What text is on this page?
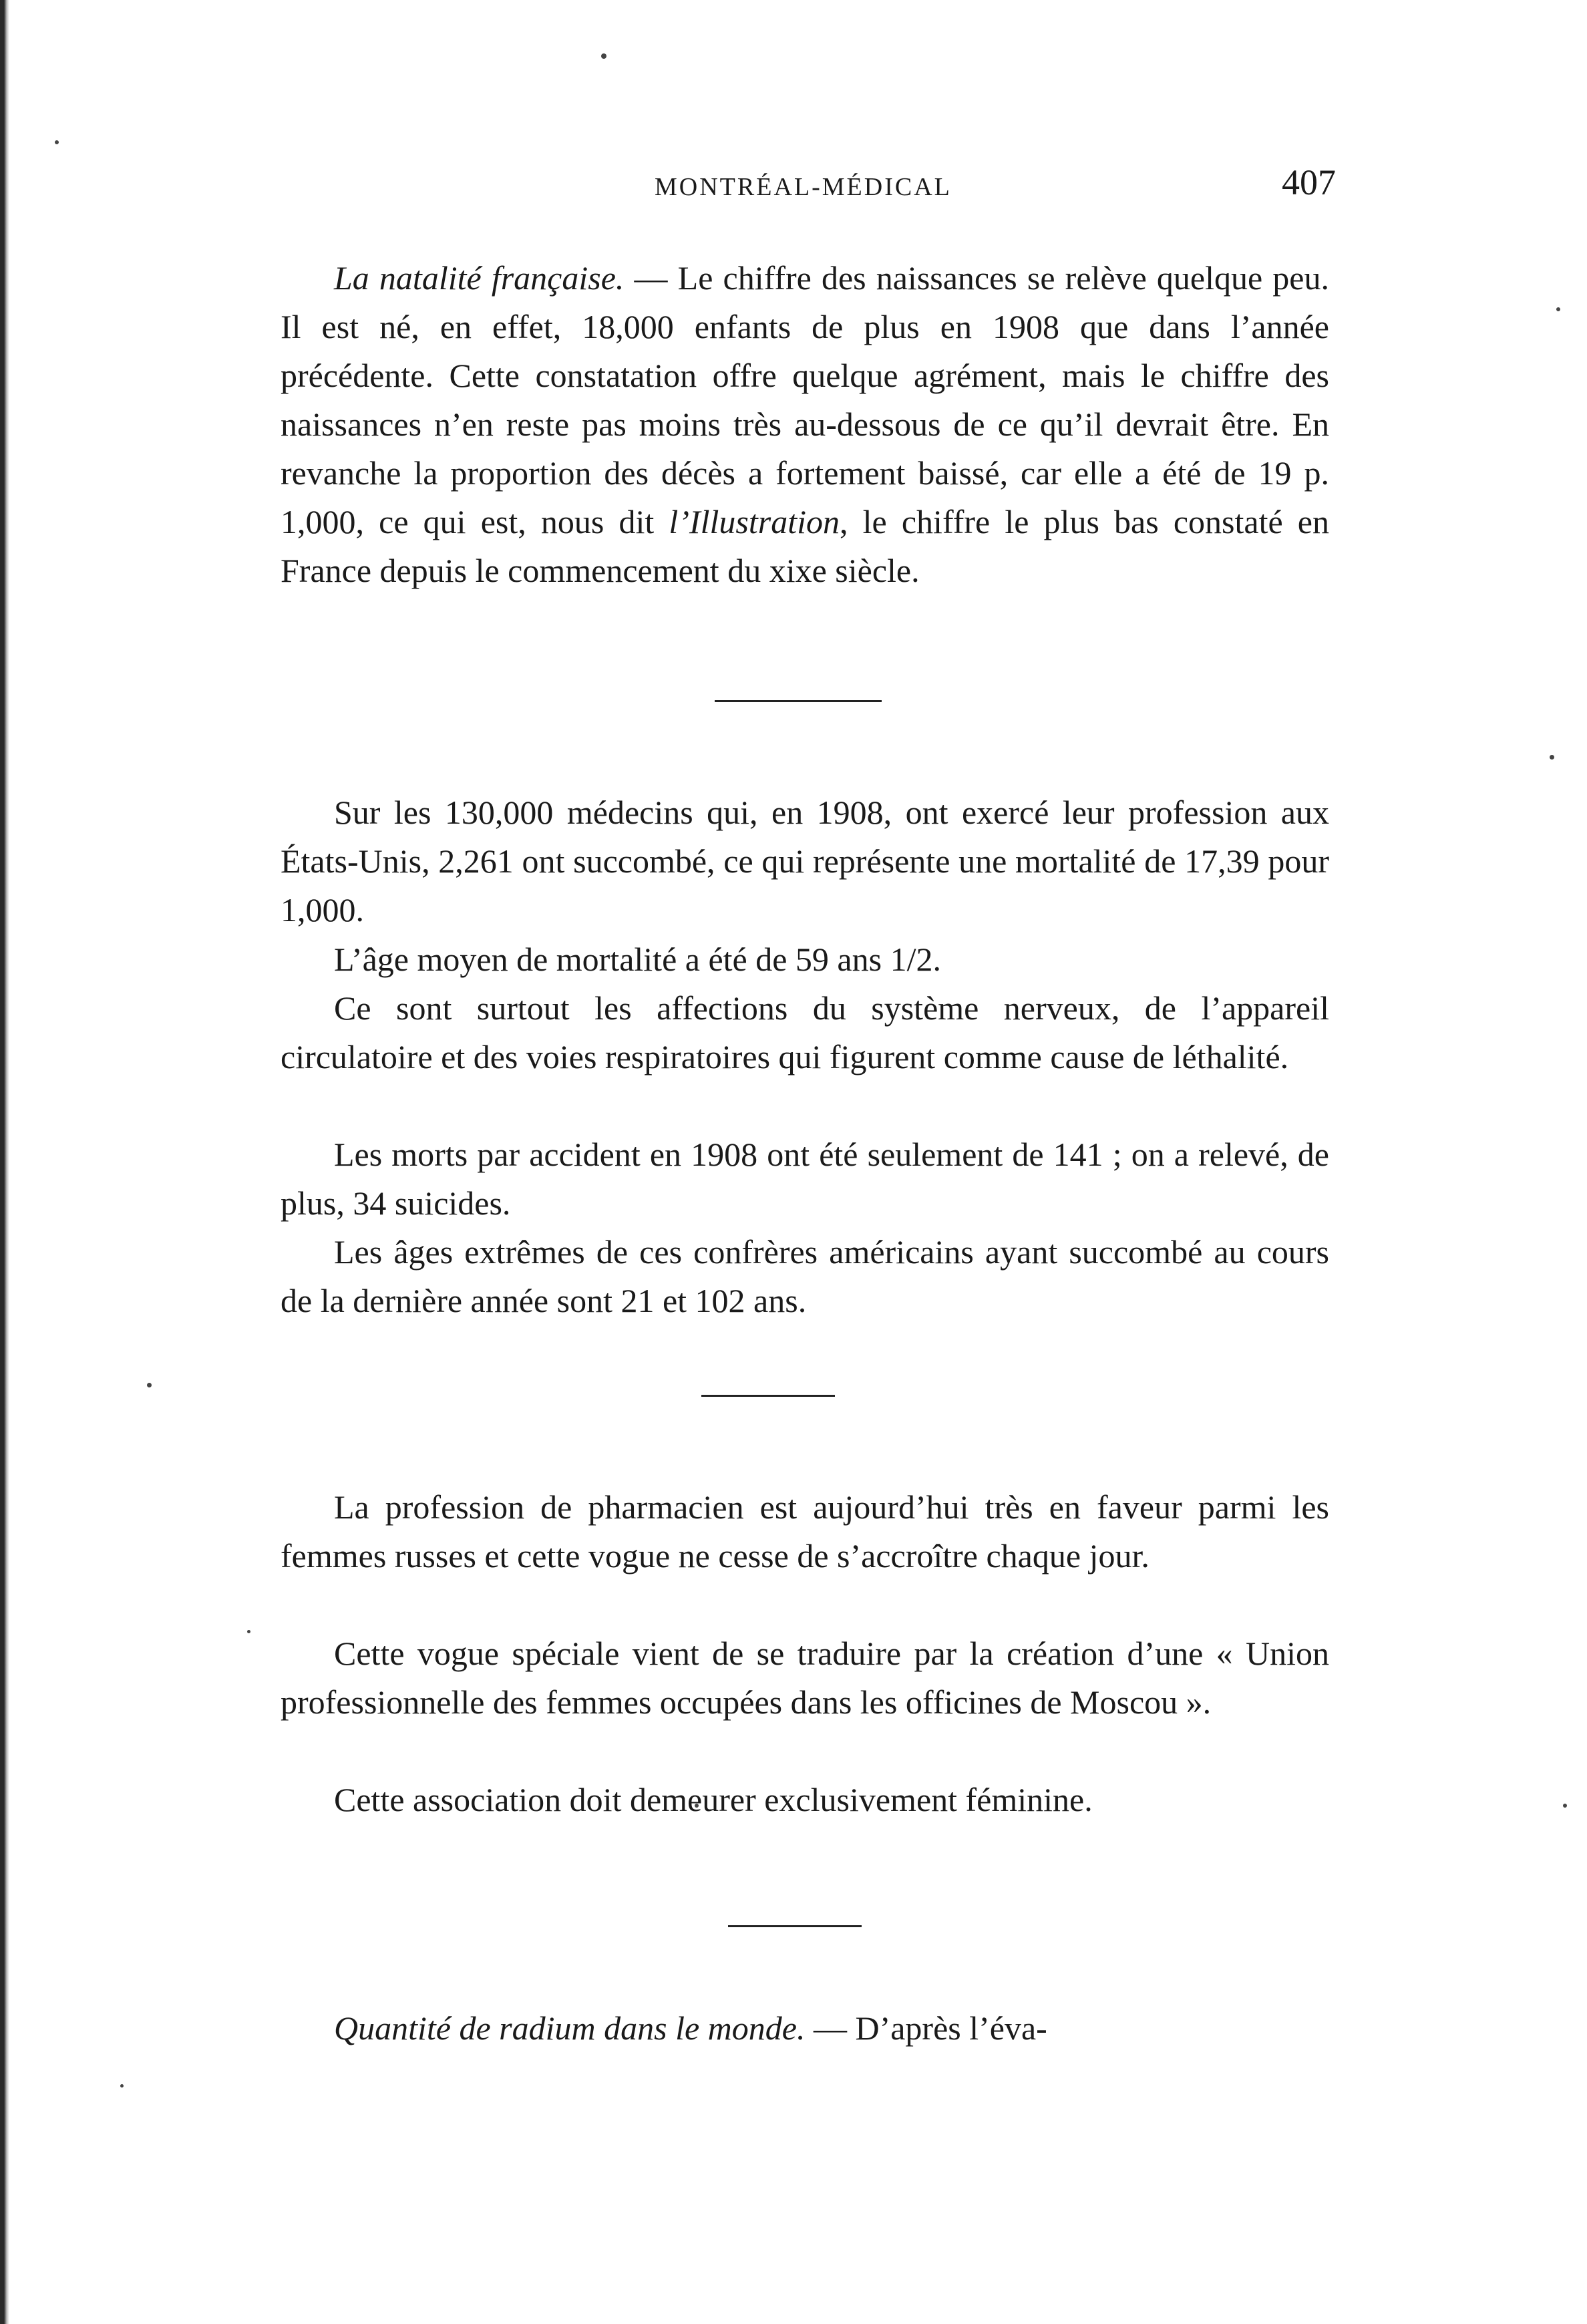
MONTRÉAL-MÉDICAL	407

La natalité française. — Le chiffre des naissances se relève quelque peu. Il est né, en effet, 18,000 enfants de plus en 1908 que dans l’année précédente. Cette constatation offre quelque agrément, mais le chiffre des naissances n’en reste pas moins très au-dessous de ce qu’il devrait être. En revanche la proportion des décès a fortement baissé, car elle a été de 19 p. 1,000, ce qui est, nous dit l’Illustration, le chiffre le plus bas constaté en France depuis le commencement du xixe siècle.

Sur les 130,000 médecins qui, en 1908, ont exercé leur profession aux États-Unis, 2,261 ont succombé, ce qui représente une mortalité de 17,39 pour 1,000.

L’âge moyen de mortalité a été de 59 ans 1/2.

Ce sont surtout les affections du système nerveux, de l’appareil circulatoire et des voies respiratoires qui figurent comme cause de léthalité.

Les morts par accident en 1908 ont été seulement de 141 ; on a relevé, de plus, 34 suicides.

Les âges extrêmes de ces confrères américains ayant succombé au cours de la dernière année sont 21 et 102 ans.

La profession de pharmacien est aujourd’hui très en faveur parmi les femmes russes et cette vogue ne cesse de s’accroître chaque jour.

Cette vogue spéciale vient de se traduire par la création d’une « Union professionnelle des femmes occupées dans les officines de Moscou ».

Cette association doit demeurer exclusivement féminine.

Quantité de radium dans le monde. — D’après l’éva-
